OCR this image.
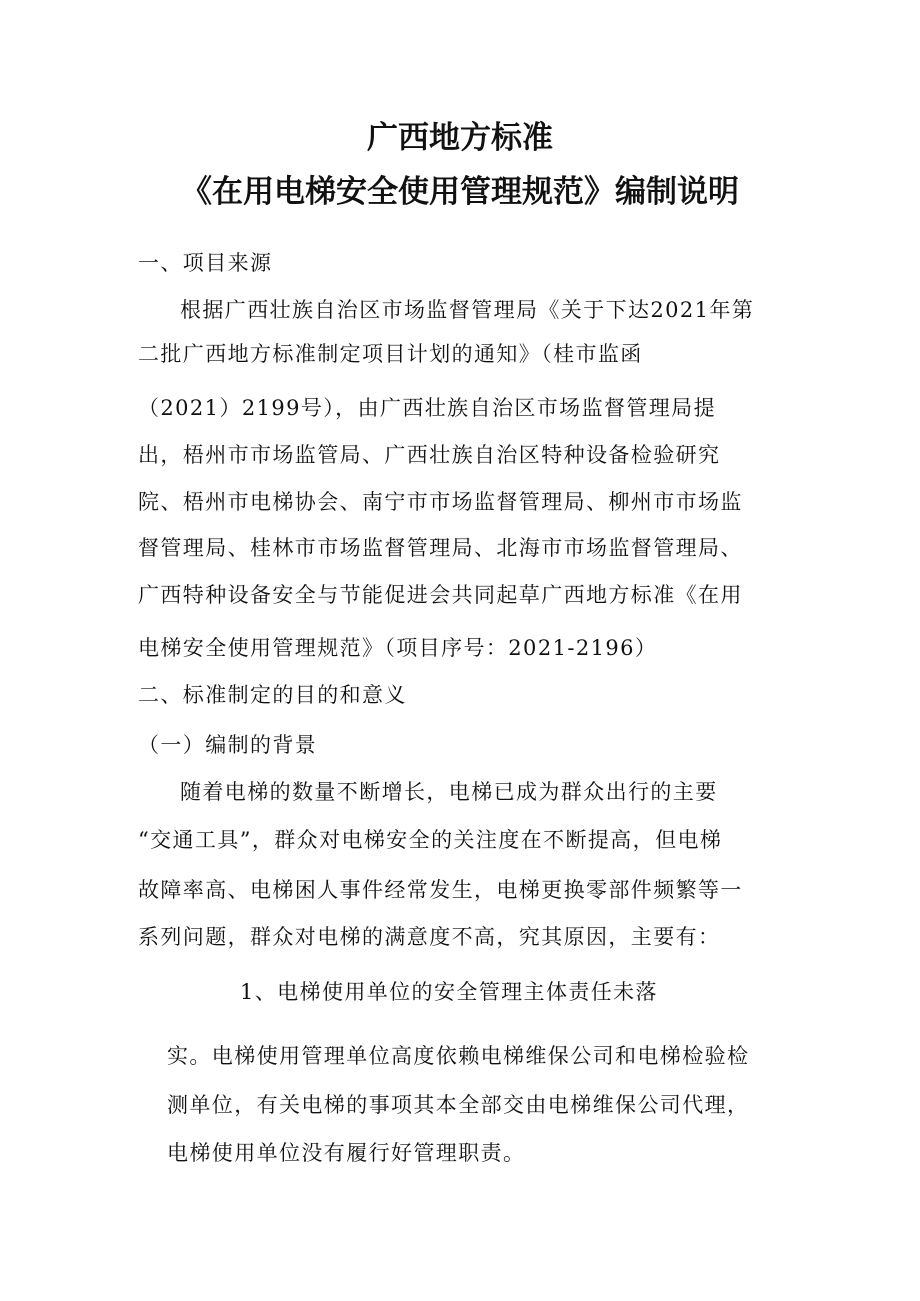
广西地方标准
《在用电梯安全使用管理规范》编制说明

一、项目来源

根据广西壮族自治区市场监督管理局《关于下达2021年第

二批广西地方标准制定项目计划的通知》（桂市监函

（2021）2199号），由广西壮族自治区市场监督管理局提

出，梧州市市场监管局、广西壮族自治区特种设备检验研究

院、梧州市电梯协会、南宁市市场监督管理局、柳州市市场监

督管理局、桂林市市场监督管理局、北海市市场监督管理局、

广西特种设备安全与节能促进会共同起草广西地方标准《在用

电梯安全使用管理规范》（项目序号：2021-2196）

二、标准制定的目的和意义

（一）编制的背景

随着电梯的数量不断增长，电梯已成为群众出行的主要

“交通工具”，群众对电梯安全的关注度在不断提高，但电梯

故障率高、电梯困人事件经常发生，电梯更换零部件频繁等一

系列问题，群众对电梯的满意度不高，究其原因，主要有：

1、电梯使用单位的安全管理主体责任未落

实。电梯使用管理单位高度依赖电梯维保公司和电梯检验检

测单位，有关电梯的事项其本全部交由电梯维保公司代理，

电梯使用单位没有履行好管理职责。
